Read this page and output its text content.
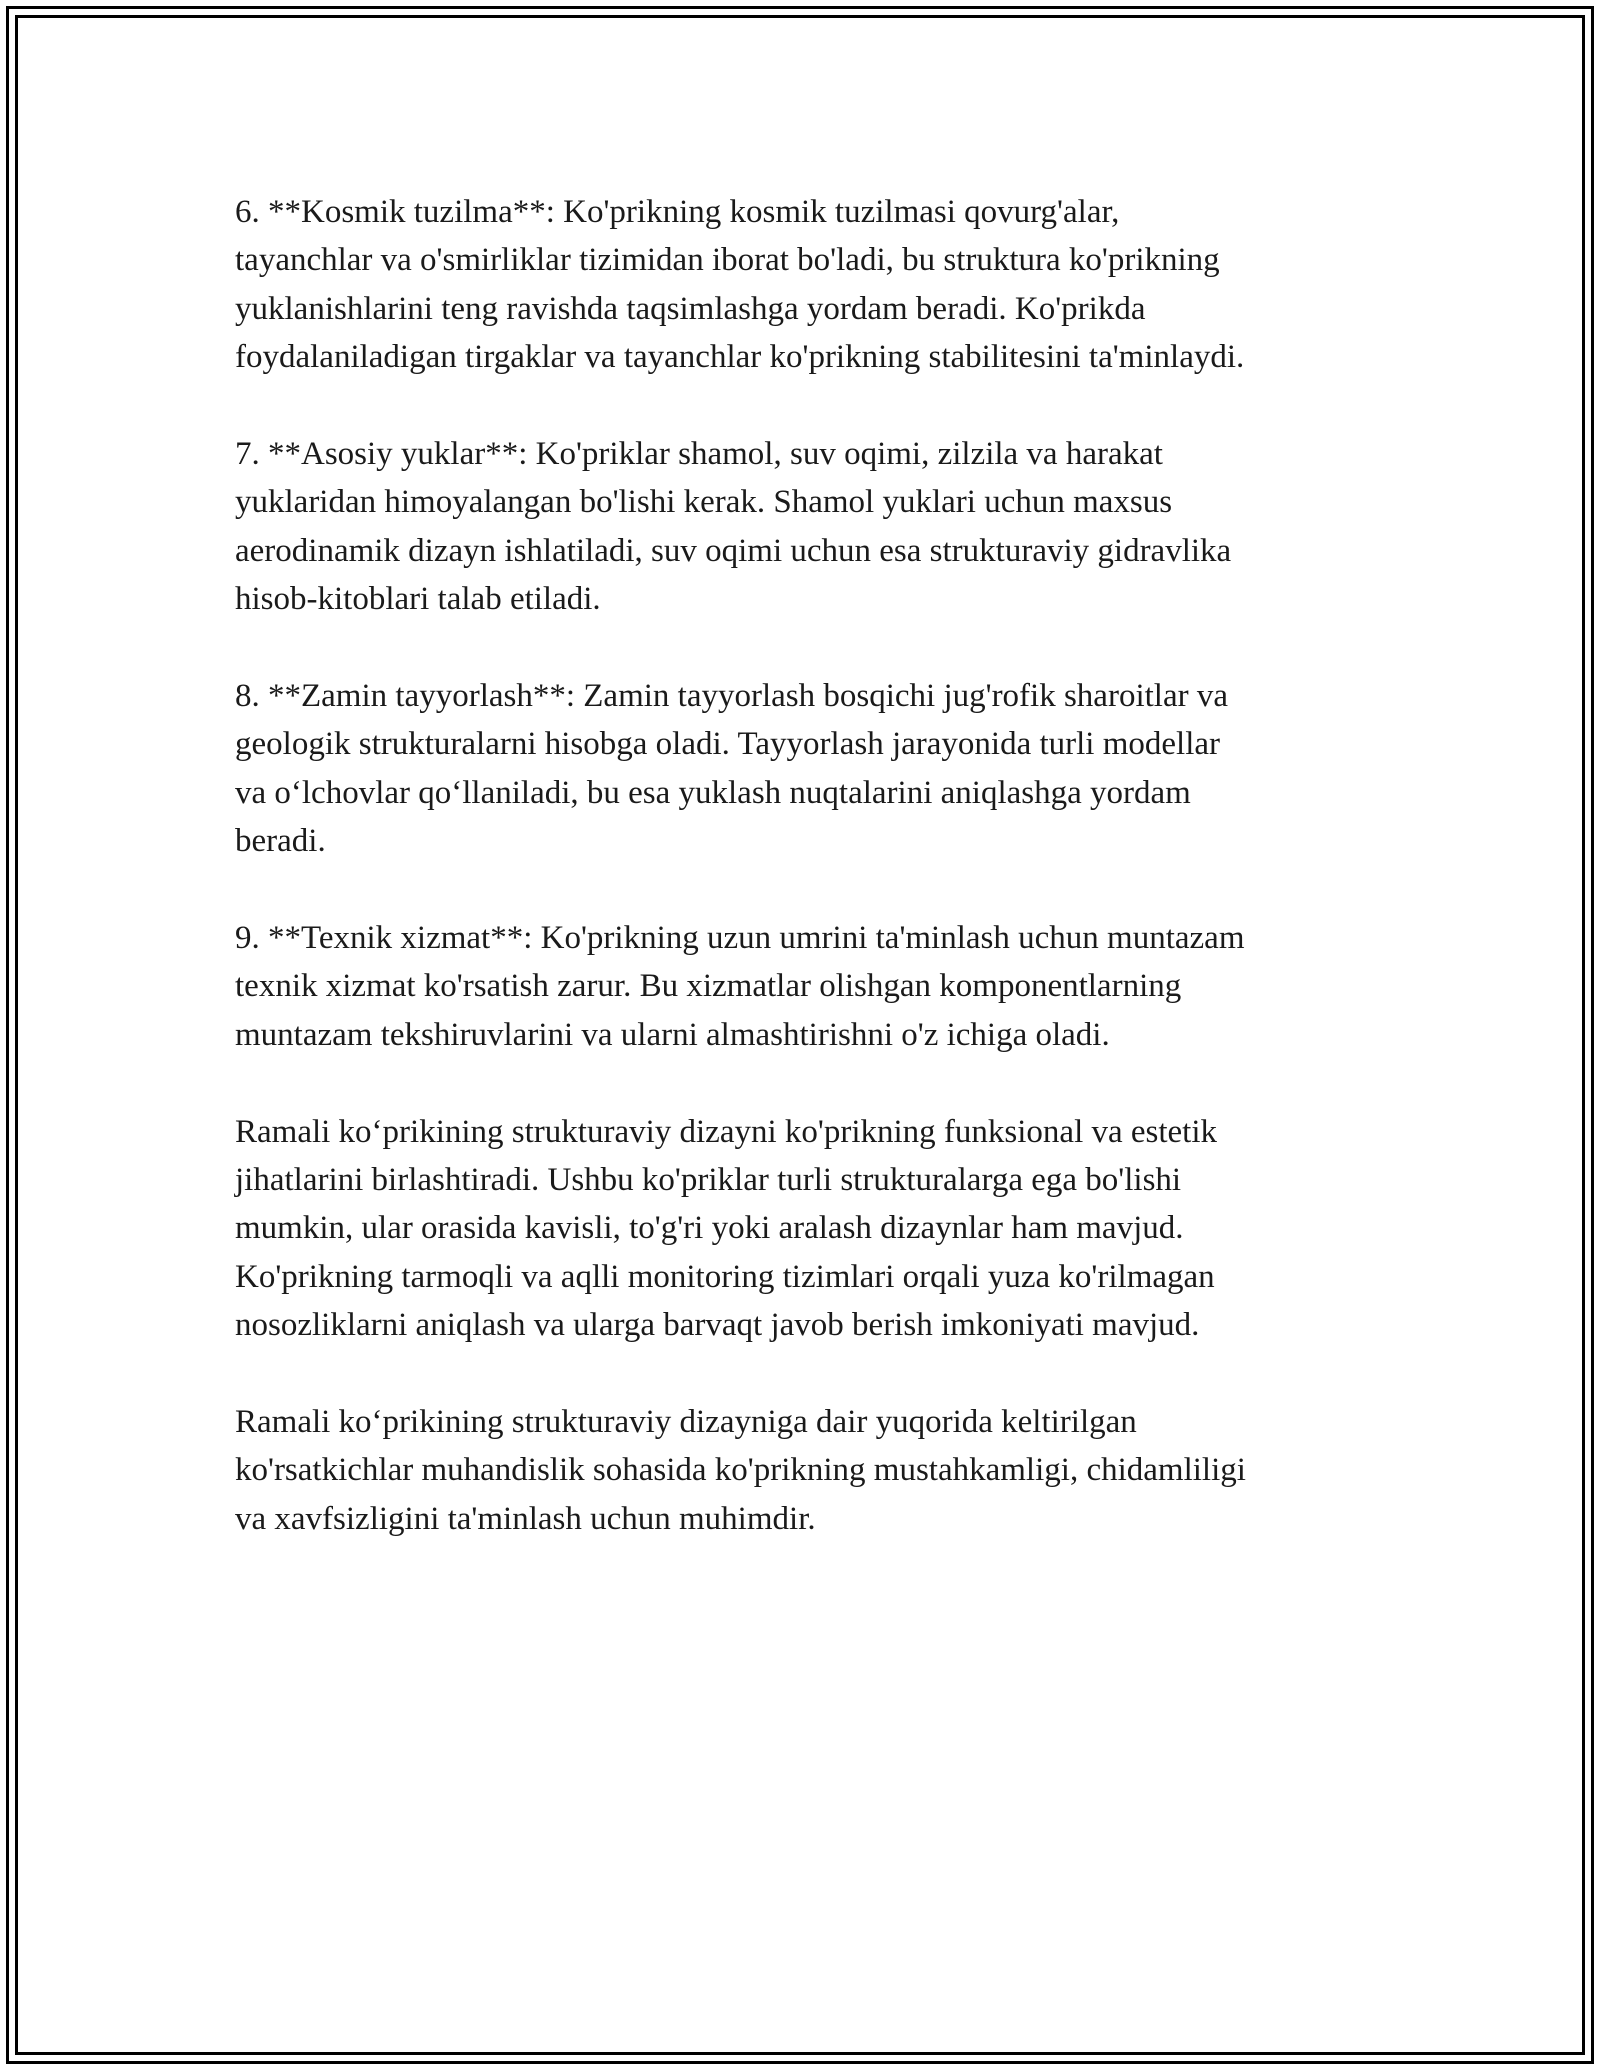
6. **Kosmik tuzilma**: Ko'prikning kosmik tuzilmasi qovurg'alar,
tayanchlar va o'smirliklar tizimidan iborat bo'ladi, bu struktura ko'prikning
yuklanishlarini teng ravishda taqsimlashga yordam beradi. Ko'prikda
foydalaniladigan tirgaklar va tayanchlar ko'prikning stabilitesini ta'minlaydi.

7. **Asosiy yuklar**: Ko'priklar shamol, suv oqimi, zilzila va harakat
yuklaridan himoyalangan bo'lishi kerak. Shamol yuklari uchun maxsus
aerodinamik dizayn ishlatiladi, suv oqimi uchun esa strukturaviy gidravlika
hisob-kitoblari talab etiladi.

8. **Zamin tayyorlash**: Zamin tayyorlash bosqichi jug'rofik sharoitlar va
geologik strukturalarni hisobga oladi. Tayyorlash jarayonida turli modellar
va o‘lchovlar qo‘llaniladi, bu esa yuklash nuqtalarini aniqlashga yordam
beradi.

9. **Texnik xizmat**: Ko'prikning uzun umrini ta'minlash uchun muntazam
texnik xizmat ko'rsatish zarur. Bu xizmatlar olishgan komponentlarning
muntazam tekshiruvlarini va ularni almashtirishni o'z ichiga oladi.

Ramali ko‘prikining strukturaviy dizayni ko'prikning funksional va estetik
jihatlarini birlashtiradi. Ushbu ko'priklar turli strukturalarga ega bo'lishi
mumkin, ular orasida kavisli, to'g'ri yoki aralash dizaynlar ham mavjud.
Ko'prikning tarmoqli va aqlli monitoring tizimlari orqali yuza ko'rilmagan
nosozliklarni aniqlash va ularga barvaqt javob berish imkoniyati mavjud.

Ramali ko‘prikining strukturaviy dizayniga dair yuqorida keltirilgan
ko'rsatkichlar muhandislik sohasida ko'prikning mustahkamligi, chidamliligi
va xavfsizligini ta'minlash uchun muhimdir.
